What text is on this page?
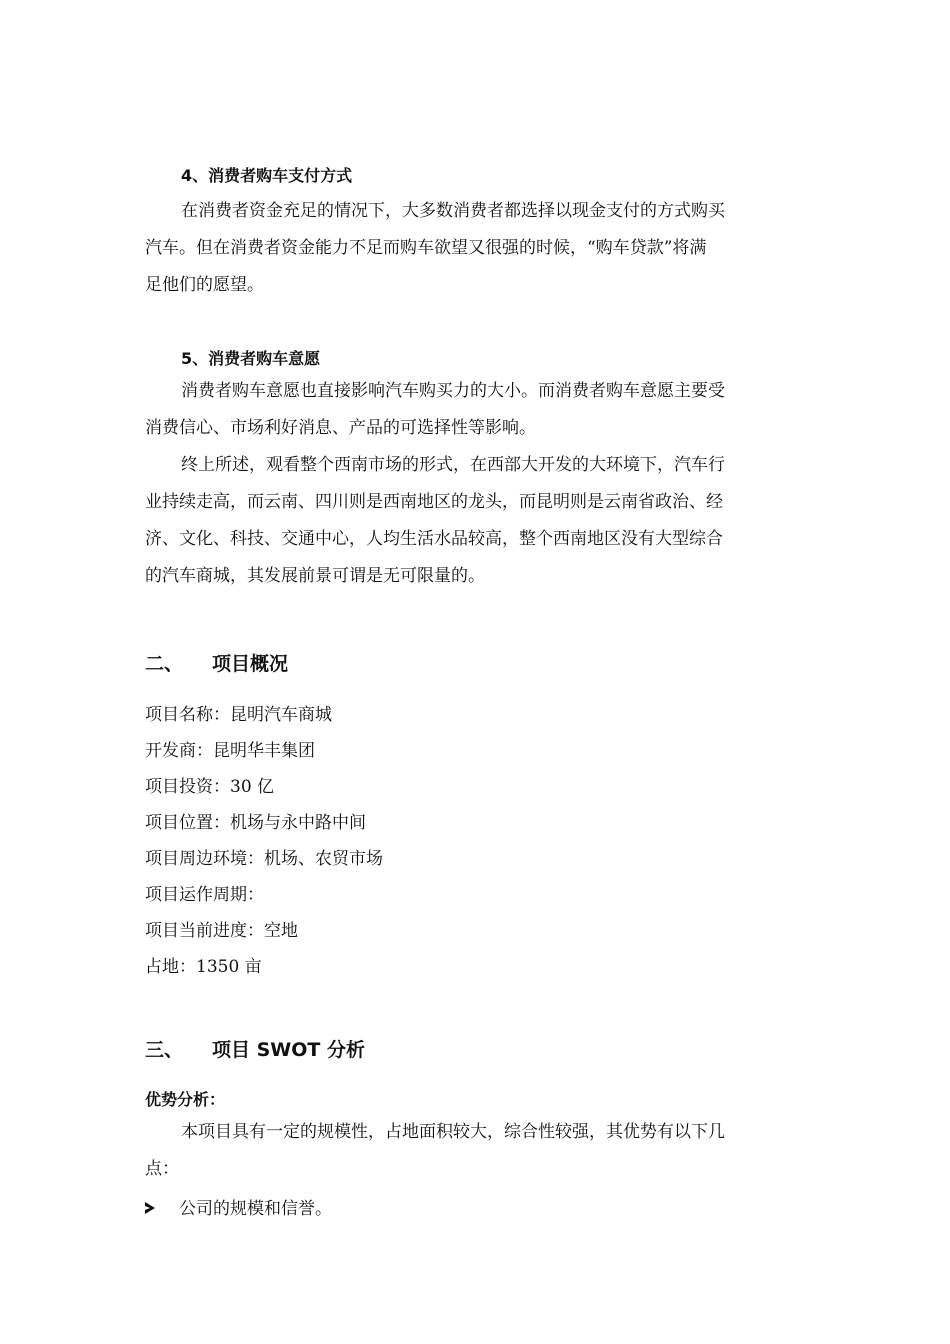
4、消费者购车支付方式
在消费者资金充足的情况下，大多数消费者都选择以现金支付的方式购买
汽车。但在消费者资金能力不足而购车欲望又很强的时候，“购车贷款”将满
足他们的愿望。
5、消费者购车意愿
消费者购车意愿也直接影响汽车购买力的大小。而消费者购车意愿主要受
消费信心、市场利好消息、产品的可选择性等影响。
终上所述，观看整个西南市场的形式，在西部大开发的大环境下，汽车行
业持续走高，而云南、四川则是西南地区的龙头，而昆明则是云南省政治、经
济、文化、科技、交通中心，人均生活水品较高，整个西南地区没有大型综合
的汽车商城，其发展前景可谓是无可限量的。
二、 项目概况
项目名称：昆明汽车商城
开发商：昆明华丰集团
项目投资：30 亿
项目位置：机场与永中路中间
项目周边环境：机场、农贸市场
项目运作周期：
项目当前进度：空地
占地：1350 亩
三、 项目 SWOT 分析
优势分析：
本项目具有一定的规模性，占地面积较大，综合性较强，其优势有以下几
点：
公司的规模和信誉。
